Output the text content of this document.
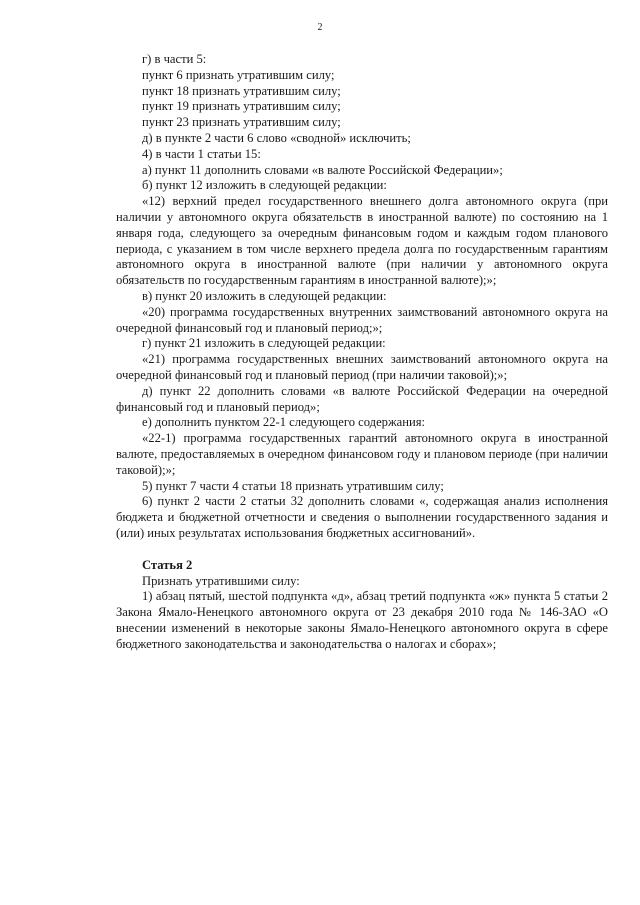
2

г) в части 5:

пункт 6 признать утратившим силу;

пункт 18 признать утратившим силу;

пункт 19 признать утратившим силу;

пункт 23 признать утратившим силу;

д) в пункте 2 части 6 слово «сводной» исключить;

4) в части 1 статьи 15:

а) пункт 11 дополнить словами «в валюте Российской Федерации»;

б) пункт 12 изложить в следующей редакции:

«12) верхний предел государственного внешнего долга автономного округа (при наличии у автономного округа обязательств в иностранной валюте) по состоянию на 1 января года, следующего за очередным финансовым годом и каждым годом планового периода, с указанием в том числе верхнего предела долга по государственным гарантиям автономного округа в иностранной валюте (при наличии у автономного округа обязательств по государственным гарантиям в иностранной валюте);»;

в) пункт 20 изложить в следующей редакции:

«20) программа государственных внутренних заимствований автономного округа на очередной финансовый год и плановый период;»;

г) пункт 21 изложить в следующей редакции:

«21) программа государственных внешних заимствований автономного округа на очередной финансовый год и плановый период (при наличии таковой);»;

д) пункт 22 дополнить словами «в валюте Российской Федерации на очередной финансовый год и плановый период»;

е) дополнить пунктом 22-1 следующего содержания:

«22-1) программа государственных гарантий автономного округа в иностранной валюте, предоставляемых в очередном финансовом году и плановом периоде (при наличии таковой);»;

5) пункт 7 части 4 статьи 18 признать утратившим силу;

6) пункт 2 части 2 статьи 32 дополнить словами «, содержащая анализ исполнения бюджета и бюджетной отчетности и сведения о выполнении государственного задания и (или) иных результатах использования бюджетных ассигнований».

Статья 2

Признать утратившими силу:

1) абзац пятый, шестой подпункта «д», абзац третий подпункта «ж» пункта 5 статьи 2 Закона Ямало-Ненецкого автономного округа от 23 декабря 2010 года № 146-ЗАО «О внесении изменений в некоторые законы Ямало-Ненецкого автономного округа в сфере бюджетного законодательства и законодательства о налогах и сборах»;
